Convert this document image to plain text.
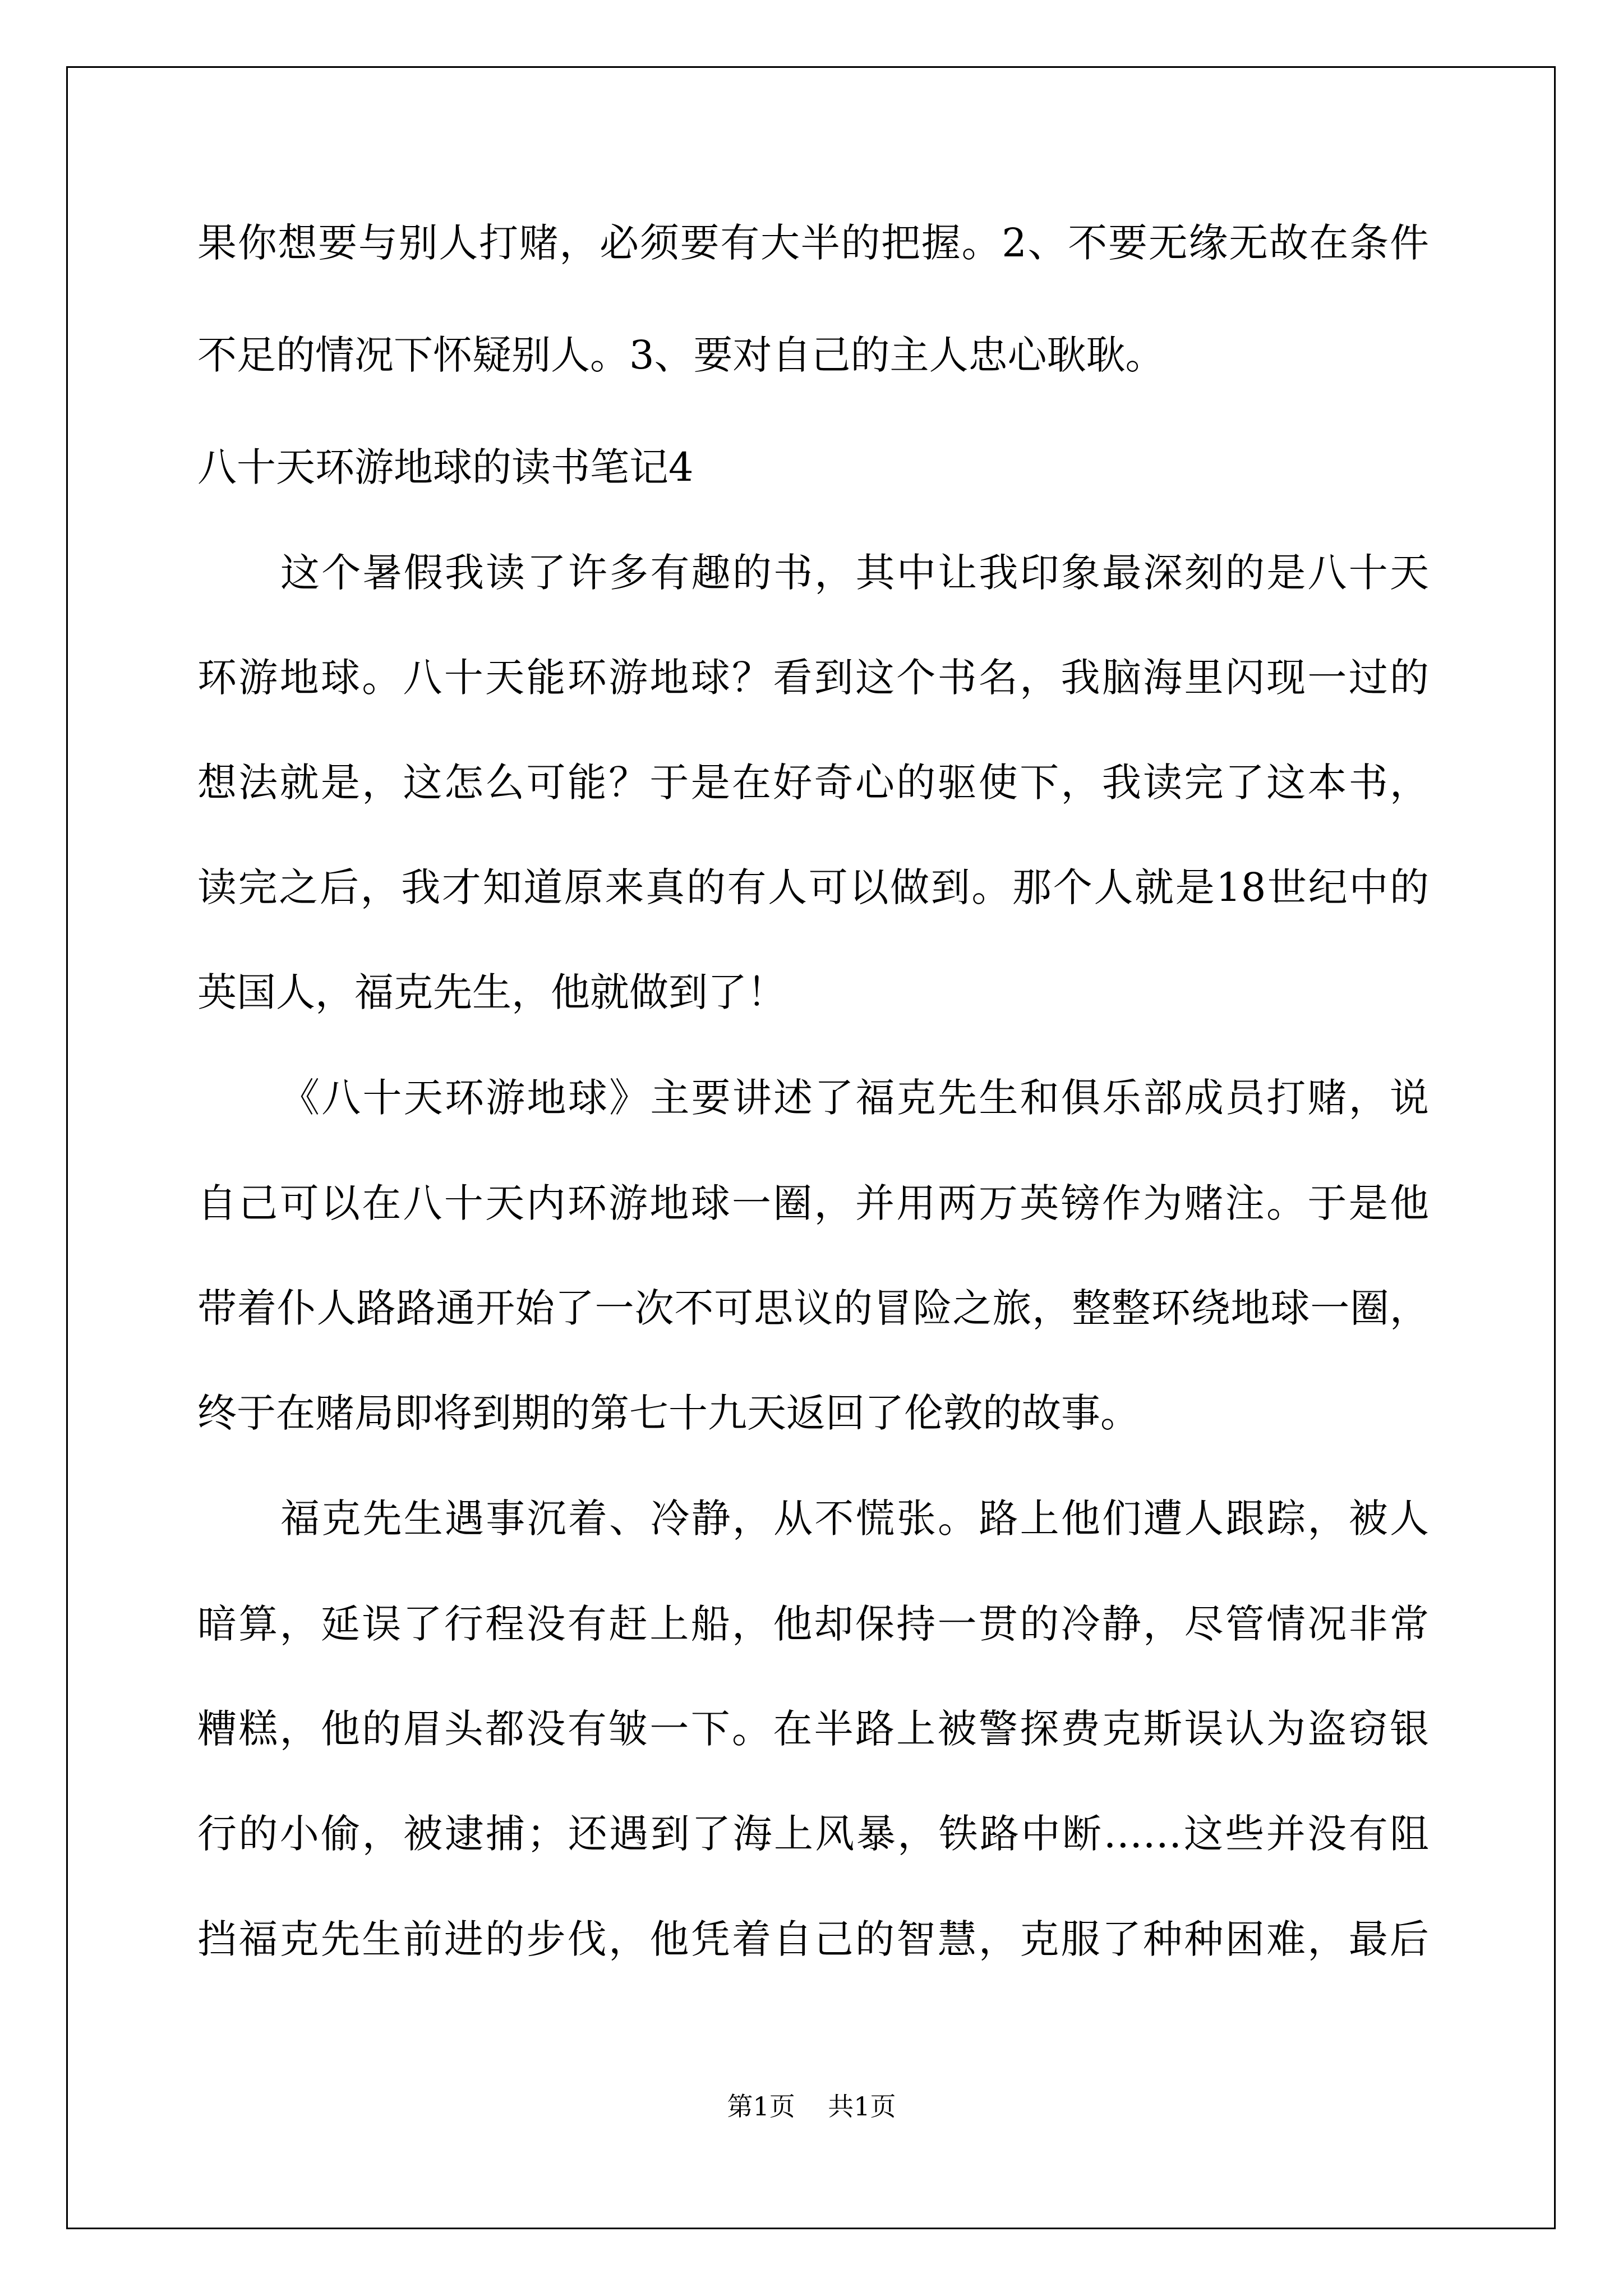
果你想要与别人打赌，必须要有大半的把握。2、不要无缘无故在条件
不足的情况下怀疑别人。3、要对自己的主人忠心耿耿。
八十天环游地球的读书笔记4
这个暑假我读了许多有趣的书，其中让我印象最深刻的是八十天
环游地球。八十天能环游地球？看到这个书名，我脑海里闪现一过的
想法就是，这怎么可能？于是在好奇心的驱使下，我读完了这本书，
读完之后，我才知道原来真的有人可以做到。那个人就是18世纪中的
英国人，福克先生，他就做到了！
《八十天环游地球》主要讲述了福克先生和俱乐部成员打赌，说
自己可以在八十天内环游地球一圈，并用两万英镑作为赌注。于是他
带着仆人路路通开始了一次不可思议的冒险之旅，整整环绕地球一圈，
终于在赌局即将到期的第七十九天返回了伦敦的故事。
福克先生遇事沉着、冷静，从不慌张。路上他们遭人跟踪，被人
暗算，延误了行程没有赶上船，他却保持一贯的冷静，尽管情况非常
糟糕，他的眉头都没有皱一下。在半路上被警探费克斯误认为盗窃银
行的小偷，被逮捕；还遇到了海上风暴，铁路中断……这些并没有阻
挡福克先生前进的步伐，他凭着自己的智慧，克服了种种困难，最后
第1页 共1页
